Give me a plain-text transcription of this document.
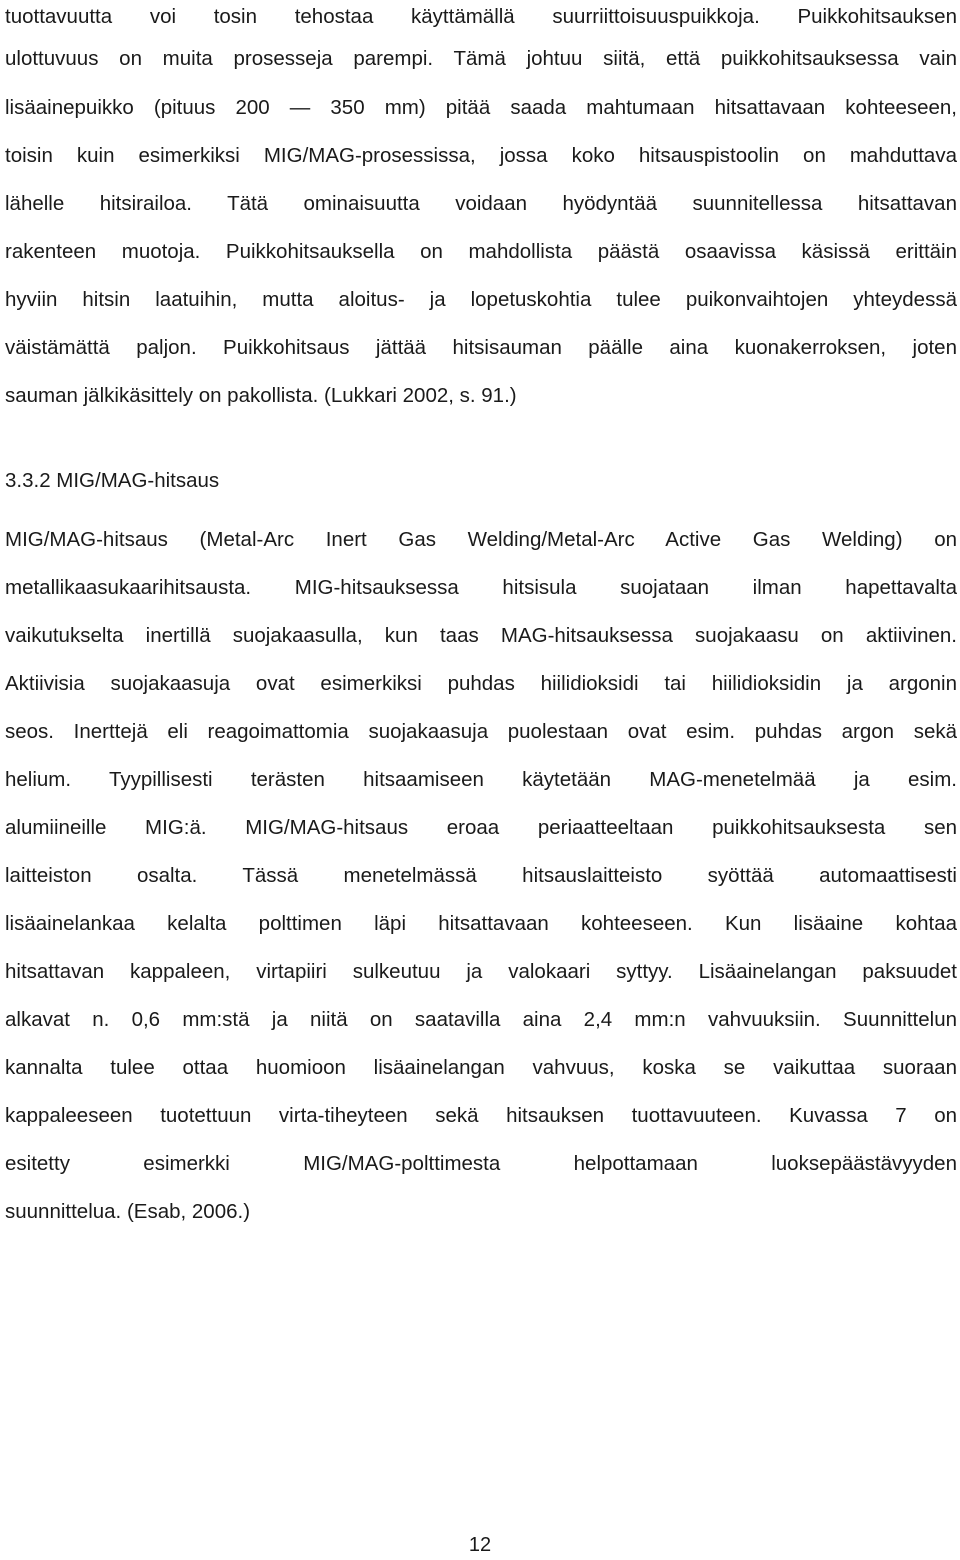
tuottavuutta voi tosin tehostaa käyttämällä suurriittoisuuspuikkoja. Puikkohitsauksen
ulottuvuus on muita prosesseja parempi. Tämä johtuu siitä, että puikkohitsauksessa vain
lisäainepuikko (pituus 200 — 350 mm) pitää saada mahtumaan hitsattavaan kohteeseen,
toisin kuin esimerkiksi MIG/MAG-prosessissa, jossa koko hitsauspistoolin on mahduttava
lähelle hitsirailoa. Tätä ominaisuutta voidaan hyödyntää suunnitellessa hitsattavan
rakenteen muotoja. Puikkohitsauksella on mahdollista päästä osaavissa käsissä erittäin
hyviin hitsin laatuihin, mutta aloitus- ja lopetuskohtia tulee puikonvaihtojen yhteydessä
väistämättä paljon. Puikkohitsaus jättää hitsisauman päälle aina kuonakerroksen, joten
sauman jälkikäsittely on pakollista. (Lukkari 2002, s. 91.)
3.3.2 MIG/MAG-hitsaus
MIG/MAG-hitsaus (Metal-Arc Inert Gas Welding/Metal-Arc Active Gas Welding) on
metallikaasukaarihitsausta. MIG-hitsauksessa hitsisula suojataan ilman hapettavalta
vaikutukselta inertillä suojakaasulla, kun taas MAG-hitsauksessa suojakaasu on aktiivinen.
Aktiivisia suojakaasuja ovat esimerkiksi puhdas hiilidioksidi tai hiilidioksidin ja argonin
seos. Inerttejä eli reagoimattomia suojakaasuja puolestaan ovat esim. puhdas argon sekä
helium. Tyypillisesti terästen hitsaamiseen käytetään MAG-menetelmää ja esim.
alumiineille MIG:ä. MIG/MAG-hitsaus eroaa periaatteeltaan puikkohitsauksesta sen
laitteiston osalta. Tässä menetelmässä hitsauslaitteisto syöttää automaattisesti
lisäainelankaa kelalta polttimen läpi hitsattavaan kohteeseen. Kun lisäaine kohtaa
hitsattavan kappaleen, virtapiiri sulkeutuu ja valokaari syttyy. Lisäainelangan paksuudet
alkavat n. 0,6 mm:stä ja niitä on saatavilla aina 2,4 mm:n vahvuuksiin. Suunnittelun
kannalta tulee ottaa huomioon lisäainelangan vahvuus, koska se vaikuttaa suoraan
kappaleeseen tuotettuun virta-tiheyteen sekä hitsauksen tuottavuuteen. Kuvassa 7 on
esitetty esimerkki MIG/MAG-polttimesta helpottamaan luoksepäästävyyden
suunnittelua. (Esab, 2006.)
12
